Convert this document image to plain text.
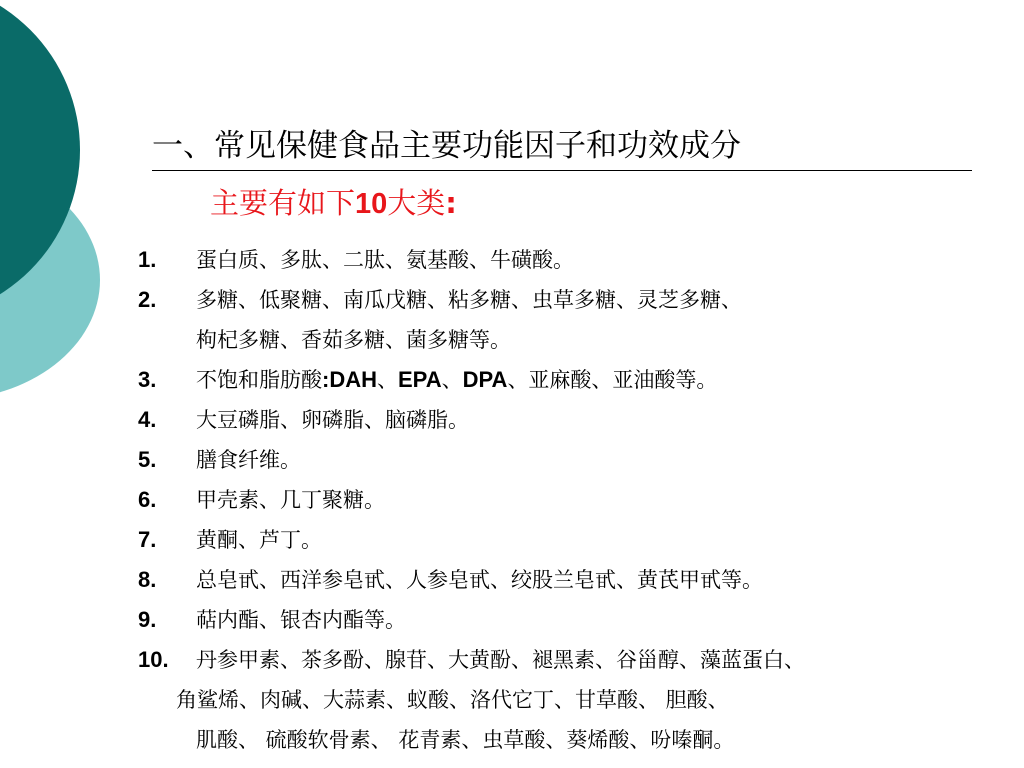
一、常见保健食品主要功能因子和功效成分
主要有如下10大类:
1. 蛋白质、多肽、二肽、氨基酸、牛磺酸。
2. 多糖、低聚糖、南瓜戊糖、粘多糖、虫草多糖、灵芝多糖、
枸杞多糖、香茹多糖、菌多糖等。
3. 不饱和脂肪酸:DAH、EPA、DPA、亚麻酸、亚油酸等。
4. 大豆磷脂、卵磷脂、脑磷脂。
5. 膳食纤维。
6. 甲壳素、几丁聚糖。
7. 黄酮、芦丁。
8. 总皂甙、西洋参皂甙、人参皂甙、绞股兰皂甙、黄芪甲甙等。
9. 萜内酯、银杏内酯等。
10. 丹参甲素、茶多酚、腺苷、大黄酚、褪黑素、谷甾醇、藻蓝蛋白、
角鲨烯、肉碱、大蒜素、蚁酸、洛代它丁、甘草酸、 胆酸、
肌酸、 硫酸软骨素、 花青素、虫草酸、葵烯酸、吩嗪酮。
